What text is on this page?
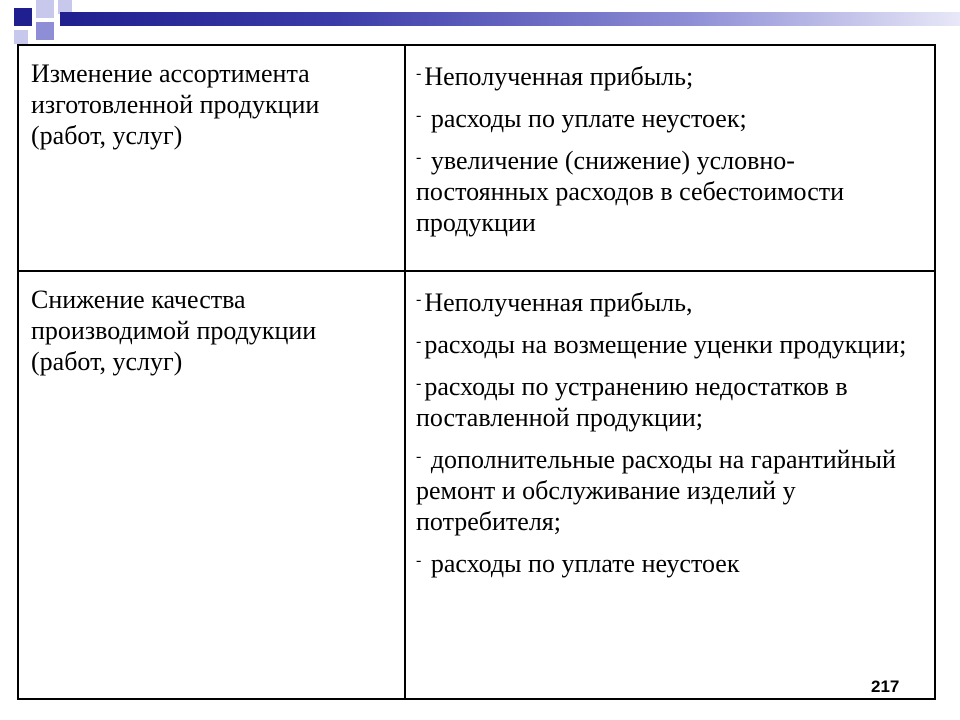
Изменение ассортимента изготовленной продукции (работ, услуг)	- Неполученная прибыль;
- расходы по уплате неустоек;
- увеличение (снижение) условно-постоянных расходов в себестоимости продукции

Снижение качества производимой продукции (работ, услуг)	- Неполученная прибыль,
- расходы на возмещение уценки продукции;
- расходы по устранению недостатков в поставленной продукции;
- дополнительные расходы на гарантийный ремонт и обслуживание изделий у потребителя;
- расходы по уплате неустоек
217
